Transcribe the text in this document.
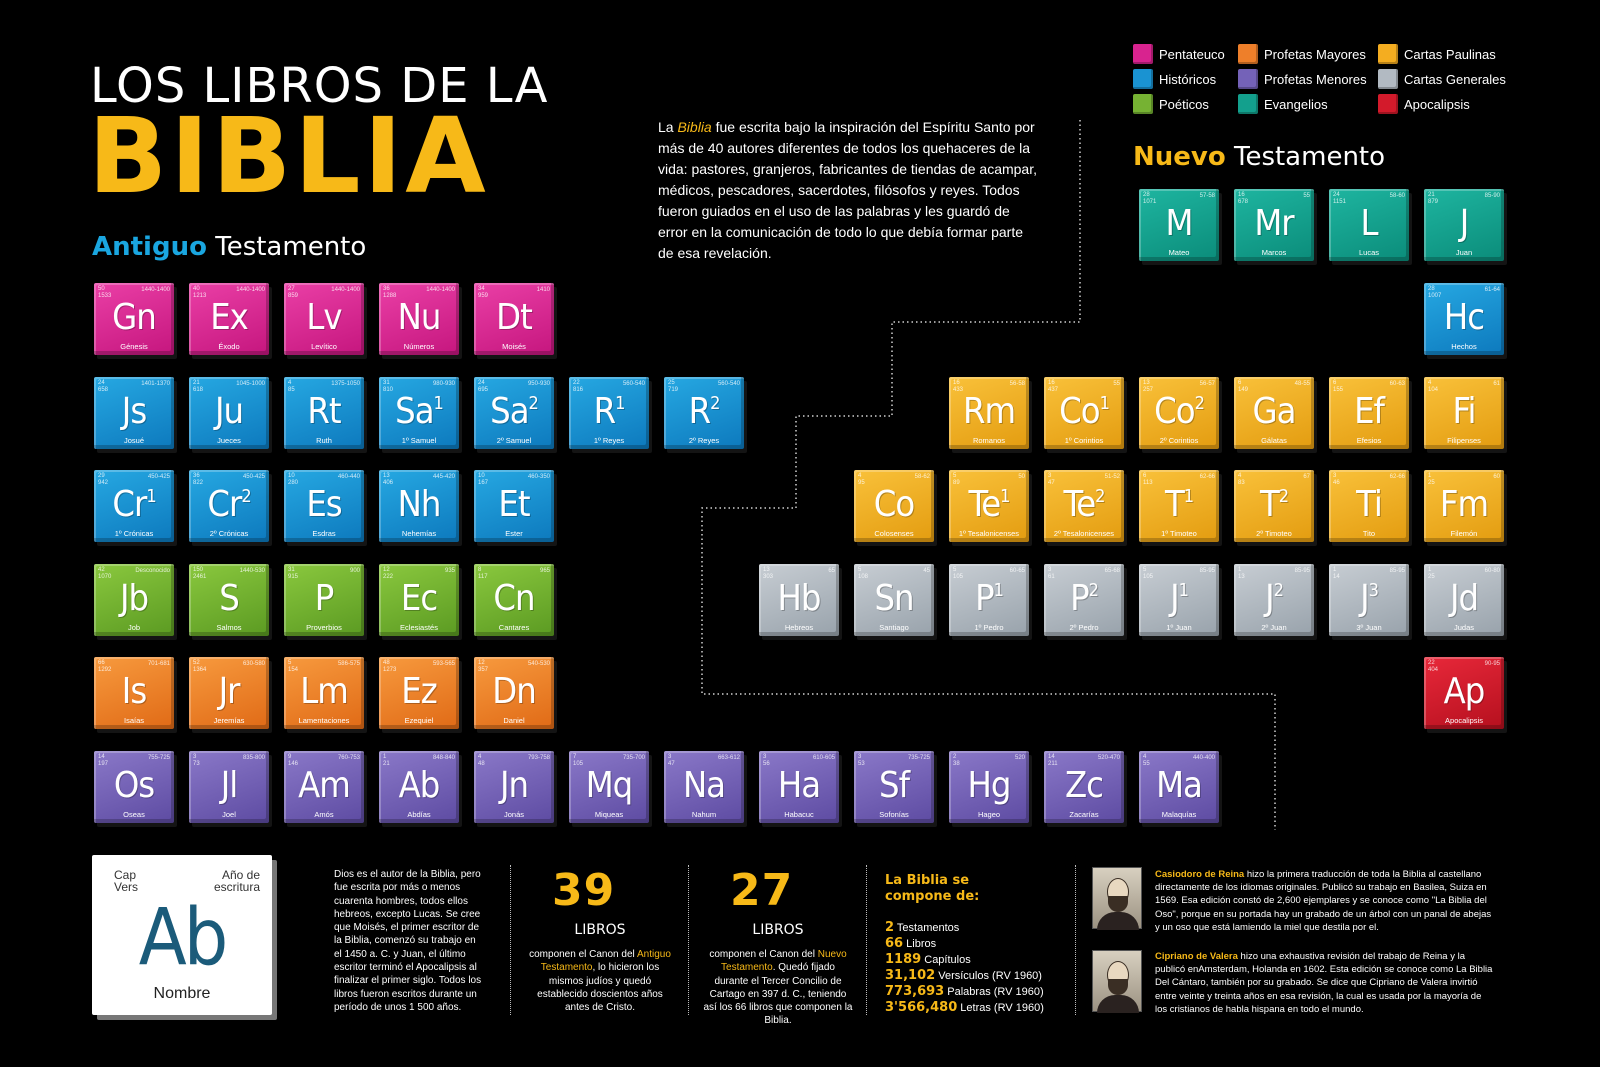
LOS LIBROS DE LA
BIBLIA
Antiguo Testamento
Nuevo Testamento
La Biblia fue escrita bajo la inspiración del Espíritu Santo por más de 40 autores diferentes de todos los quehaceres de la vida: pastores, granjeros, fabricantes de tiendas de acampar, médicos, pescadores, sacerdotes, filósofos y reyes. Todos fueron guiados en el uso de las palabras y les guardó de error en la comunicación de todo lo que debía formar parte de esa revelación.
Pentateuco	Profetas Mayores	Cartas Paulinas
Históricos	Profetas Menores	Cartas Generales
Poéticos	Evangelios	Apocalipsis
50
1533
1440-1400
Gn
Génesis
40
1213
1440-1400
Ex
Éxodo
27
859
1440-1400
Lv
Levítico
36
1288
1440-1400
Nu
Números
34
959
1410
Dt
Moisés
24
658
1401-1370
Js
Josué
21
618
1045-1000
Ju
Jueces
4
85
1375-1050
Rt
Ruth
31
810
980-930
Sa$^1$
1º Samuel
24
695
950-930
Sa$^2$
2º Samuel
22
816
560-540
$R^1$
1º Reyes
25
719
560-540
$R^2$
2º Reyes
29
942
450-425
Cr$^1$
1º Crónicas
36
822
450-425
Cr$^2$
2º Crónicas
10
280
460-440
Es
Esdras
13
406
445-420
Nh
Nehemías
10
167
460-350
Et
Ester
42
1070
Desconocido
Jb
Job
150
2461
1440-530
S
Salmos
31
915
900
P
Proverbios
12
222
935
Ec
Eclesiastés
8
117
965
Cn
Cantares
66
1292
701-681
Is
Isaías
52
1364
630-580
Jr
Jeremías
5
154
586-575
Lm
Lamentaciones
48
1273
593-565
Ez
Ezequiel
12
357
540-530
Dn
Daniel
14
197
755-725
Os
Oseas
3
73
835-800
Jl
Joel
9
146
760-753
Am
Amós
1
21
848-840
Ab
Abdías
4
48
793-758
Jn
Jonás
7
105
735-700
Mq
Miqueas
3
47
663-612
Na
Nahum
3
56
610-605
Ha
Habacuc
3
53
735-725
Sf
Sofonías
2
38
520
Hg
Hageo
14
211
520-470
Zc
Zacarías
4
55
440-400
Ma
Malaquías
28
1071
57-58
M
Mateo
16
678
55
Mr
Marcos
24
1151
58-60
L
Lucas
21
879
85-90
J
Juan
28
1007
61-64
Hc
Hechos
16
433
56-58
Rm
Romanos
16
437
55
Co$^1$
1º Corintios
13
257
56-57
Co$^2$
2º Corintios
6
149
48-55
Ga
Gálatas
6
155
60-63
Ef
Efesios
4
104
61
Fi
Filipenses
4
95
58-62
Co
Colosenses
5
89
50
Te$^1$
1º Tesalonicenses
3
47
51-52
Te$^2$
2º Tesalonicenses
6
113
62-66
$T^1$
1º Timoteo
4
83
67
$T^2$
2º Timoteo
3
46
62-66
Ti
Tito
1
25
60
Fm
Filemón
13
303
65
Hb
Hebreos
5
108
45
Sn
Santiago
5
105
60-65
$P^1$
1º Pedro
3
61
65-68
$P^2$
2º Pedro
5
105
85-95
$J^1$
1º Juan
1
13
85-95
$J^2$
2º Juan
1
14
85-95
$J^3$
3º Juan
1
25
60-80
Jd
Judas
22
404
90-95
Ap
Apocalipsis
Cap
Vers
Año de
escritura
Ab
Nombre
Dios es el autor de la Biblia, pero fue escrita por más o menos cuarenta hombres, todos ellos hebreos, excepto Lucas. Se cree que Moisés, el primer escritor de la Biblia, comenzó su trabajo en el 1450 a. C. y Juan, el último escritor terminó el Apocalipsis al finalizar el primer siglo. Todos los libros fueron escritos durante un período de unos 1 500 años.
39
LIBROS
componen el Canon del Antiguo Testamento, lo hicieron los mismos judíos y quedó establecido doscientos años antes de Cristo.
27
LIBROS
componen el Canon del Nuevo Testamento. Quedó fijado durante el Tercer Concilio de Cartago en 397 d. C., teniendo así los 66 libros que componen la Biblia.
La Biblia se compone de:
2 Testamentos
66 Libros
1189 Capítulos
31,102 Versículos (RV 1960)
773,693 Palabras (RV 1960)
3'566,480 Letras (RV 1960)
Casiodoro de Reina hizo la primera traducción de toda la Biblia al castellano directamente de los idiomas originales. Publicó su trabajo en Basilea, Suiza en 1569. Esa edición constó de 2,600 ejemplares y se conoce como "La Biblia del Oso", porque en su portada hay un grabado de un árbol con un panal de abejas y un oso que está lamiendo la miel que destila por el.
Cipriano de Valera hizo una exhaustiva revisión del trabajo de Reina y la publicó enAmsterdam, Holanda en 1602. Esta edición se conoce como La Biblia Del Cántaro, también por su grabado. Se dice que Cipriano de Valera invirtió entre veinte y treinta años en esa revisión, la cual es usada por la mayoría de los cristianos de habla hispana en todo el mundo.
